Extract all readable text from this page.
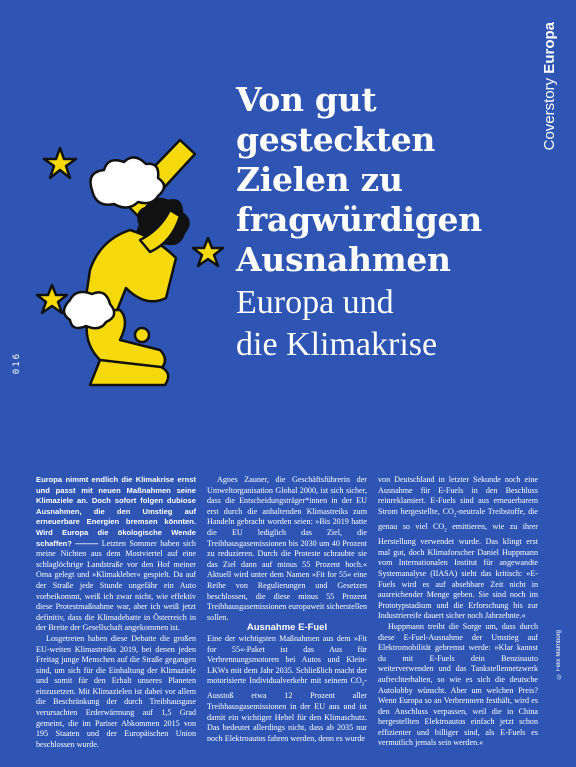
Coverstory Europa
016
© Felix Malmborg
Von gut
gesteckten
Zielen zu
fragwürdigen
Ausnahmen
Europa und
die Klimakrise

Europa nimmt endlich die Klimakrise ernst und passt mit neuen Maßnahmen seine Klimaziele an. Doch sofort folgen dubiose Ausnahmen, die den Umstieg auf erneuerbare Energien bremsen könnten. Wird Europa die ökologische Wende schaffen? ——— Letzten Sommer haben sich meine Nichten aus dem Mostviertel auf eine schlaglöchrige Landstraße vor den Hof meiner Oma gelegt und »Klimakleber« gespielt. Da auf der Straße jede Stunde ungefähr ein Auto vorbeikommt, weiß ich zwar nicht, wie effektiv diese Protestmaßnahme war, aber ich weiß jetzt definitiv, dass die Klimadebatte in Österreich in der Breite der Gesellschaft angekommen ist.

Losgetreten haben diese Debatte die großen EU-weiten Klimastreiks 2019, bei denen jeden Freitag junge Menschen auf die Straße gegangen sind, um sich für die Einhaltung der Klimaziele und somit für den Erhalt unseres Planeten einzusetzen. Mit Klimazielen ist dabei vor allem die Beschränkung der durch Treibhausgase verursachten Erderwärmung auf 1,5 Grad gemeint, die im Pariser Abkommen 2015 von 195 Staaten und der Europäischen Union beschlossen wurde.

Agnes Zauner, die Geschäftsführerin der Umweltorganisation Global 2000, ist sich sicher, dass die Entscheidungsträger*innen in der EU erst durch die anhaltenden Klimastreiks zum Handeln gebracht worden seien: »Bis 2019 hatte die EU lediglich das Ziel, die Treibhausgasemissionen bis 2030 um 40 Prozent zu reduzieren. Durch die Proteste schraubte sie das Ziel dann auf minus 55 Prozent hoch.« Aktuell wird unter dem Namen »Fit for 55« eine Reihe von Regulierungen und Gesetzen beschlossen, die diese minus 55 Prozent Treibhausgasemissionen europaweit sicherstellen sollen.

Ausnahme E-Fuel

Eine der wichtigsten Maßnahmen aus dem »Fit for 55«-Paket ist das Aus für Verbrennungsmotoren bei Autos und Klein-LKWs mit dem Jahr 2035. Schließlich macht der motorisierte Individualverkehr mit seinem $CO_2$-Ausstoß etwa 12 Prozent aller Treibhausgasemissionen in der EU aus und ist damit ein wichtiger Hebel für den Klimaschutz. Das bedeutet allerdings nicht, dass ab 2035 nur noch Elektroautos fahren werden, denn es wurde

von Deutschland in letzter Sekunde noch eine Ausnahme für E-Fuels in den Beschluss reinreklamiert. E-Fuels sind aus erneuerbarem Strom hergestellte, $CO_2$-neutrale Treibstoffe, die genau so viel $CO_2$ emittieren, wie zu ihrer Herstellung verwendet wurde. Das klingt erst mal gut, doch Klimaforscher Daniel Huppmann vom Internationalen Institut für angewandte Systemanalyse (IIASA) sieht das kritisch: »E-Fuels wird es auf absehbare Zeit nicht in ausreichender Menge geben. Sie sind noch im Prototypstadium und die Erforschung bis zur Industriereife dauert sicher noch Jahrzehnte.«

Huppmann treibt die Sorge um, dass durch diese E-Fuel-Ausnahme der Umstieg auf Elektromobilität gebremst werde: »Klar kannst du mit E-Fuels dein Benzinauto weiterverwenden und das Tankstellennetzwerk aufrechterhalten, so wie es sich die deutsche Autolobby wünscht. Aber um welchen Preis? Wenn Europa so an Verbrennern festhält, wird es den Anschluss verpassen, weil die in China hergestellten Elektroautos einfach jetzt schon effizienter und billiger sind, als E-Fuels es vermutlich jemals sein werden.«
